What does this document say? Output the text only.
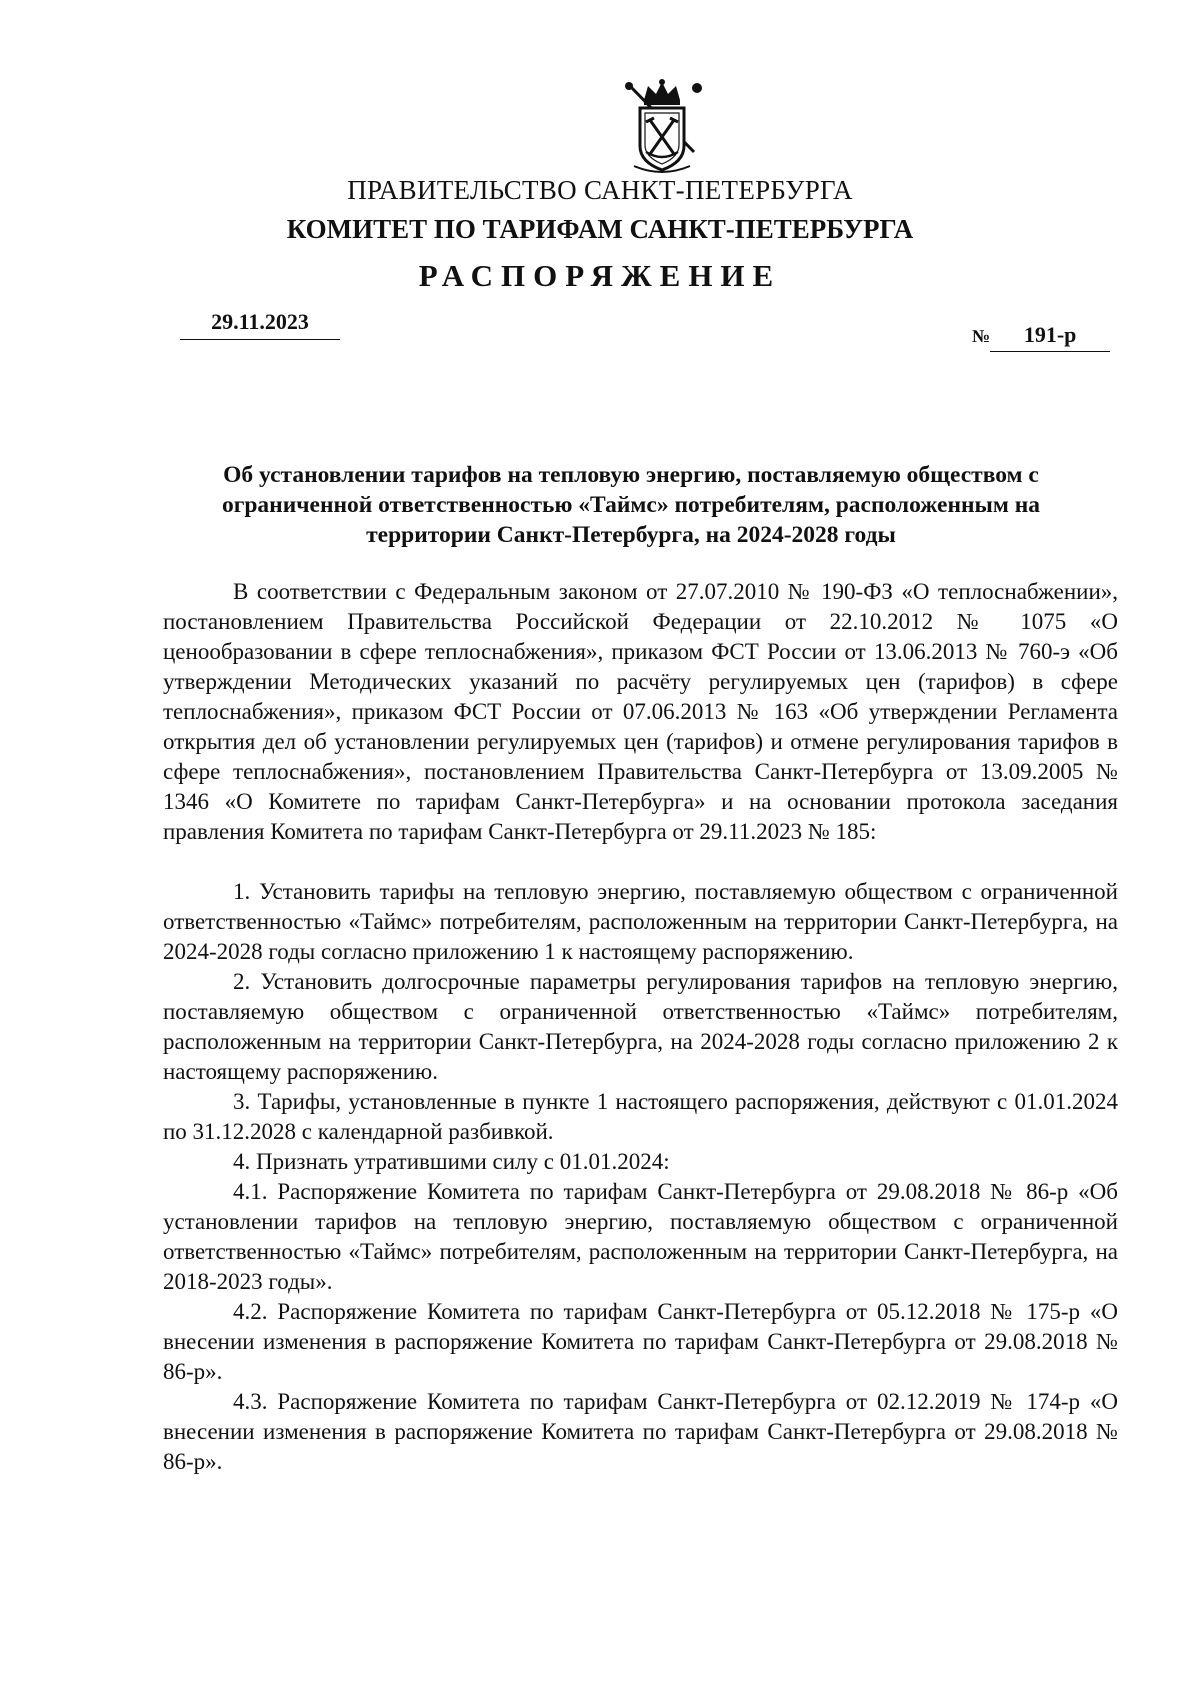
ПРАВИТЕЛЬСТВО САНКТ-ПЕТЕРБУРГА
КОМИТЕТ ПО ТАРИФАМ САНКТ-ПЕТЕРБУРГА
РАСПОРЯЖЕНИЕ
29.11.2023
№ 191-р
Об установлении тарифов на тепловую энергию, поставляемую обществом с ограниченной ответственностью «Таймс» потребителям, расположенным на территории Санкт-Петербурга, на 2024-2028 годы

В соответствии с Федеральным законом от 27.07.2010 № 190-ФЗ «О теплоснабжении», постановлением Правительства Российской Федерации от 22.10.2012 № 1075 «О ценообразовании в сфере теплоснабжения», приказом ФСТ России от 13.06.2013 № 760-э «Об утверждении Методических указаний по расчёту регулируемых цен (тарифов) в сфере теплоснабжения», приказом ФСТ России от 07.06.2013 № 163 «Об утверждении Регламента открытия дел об установлении регулируемых цен (тарифов) и отмене регулирования тарифов в сфере теплоснабжения», постановлением Правительства Санкт-Петербурга от 13.09.2005 № 1346 «О Комитете по тарифам Санкт-Петербурга» и на основании протокола заседания правления Комитета по тарифам Санкт-Петербурга от 29.11.2023 № 185:

1. Установить тарифы на тепловую энергию, поставляемую обществом с ограниченной ответственностью «Таймс» потребителям, расположенным на территории Санкт-Петербурга, на 2024-2028 годы согласно приложению 1 к настоящему распоряжению.

2. Установить долгосрочные параметры регулирования тарифов на тепловую энергию, поставляемую обществом с ограниченной ответственностью «Таймс» потребителям, расположенным на территории Санкт-Петербурга, на 2024-2028 годы согласно приложению 2 к настоящему распоряжению.

3. Тарифы, установленные в пункте 1 настоящего распоряжения, действуют с 01.01.2024 по 31.12.2028 с календарной разбивкой.

4. Признать утратившими силу с 01.01.2024:

4.1. Распоряжение Комитета по тарифам Санкт-Петербурга от 29.08.2018 № 86-р «Об установлении тарифов на тепловую энергию, поставляемую обществом с ограниченной ответственностью «Таймс» потребителям, расположенным на территории Санкт-Петербурга, на 2018-2023 годы».

4.2. Распоряжение Комитета по тарифам Санкт-Петербурга от 05.12.2018 № 175-р «О внесении изменения в распоряжение Комитета по тарифам Санкт-Петербурга от 29.08.2018 № 86-р».

4.3. Распоряжение Комитета по тарифам Санкт-Петербурга от 02.12.2019 № 174-р «О внесении изменения в распоряжение Комитета по тарифам Санкт-Петербурга от 29.08.2018 № 86-р».
